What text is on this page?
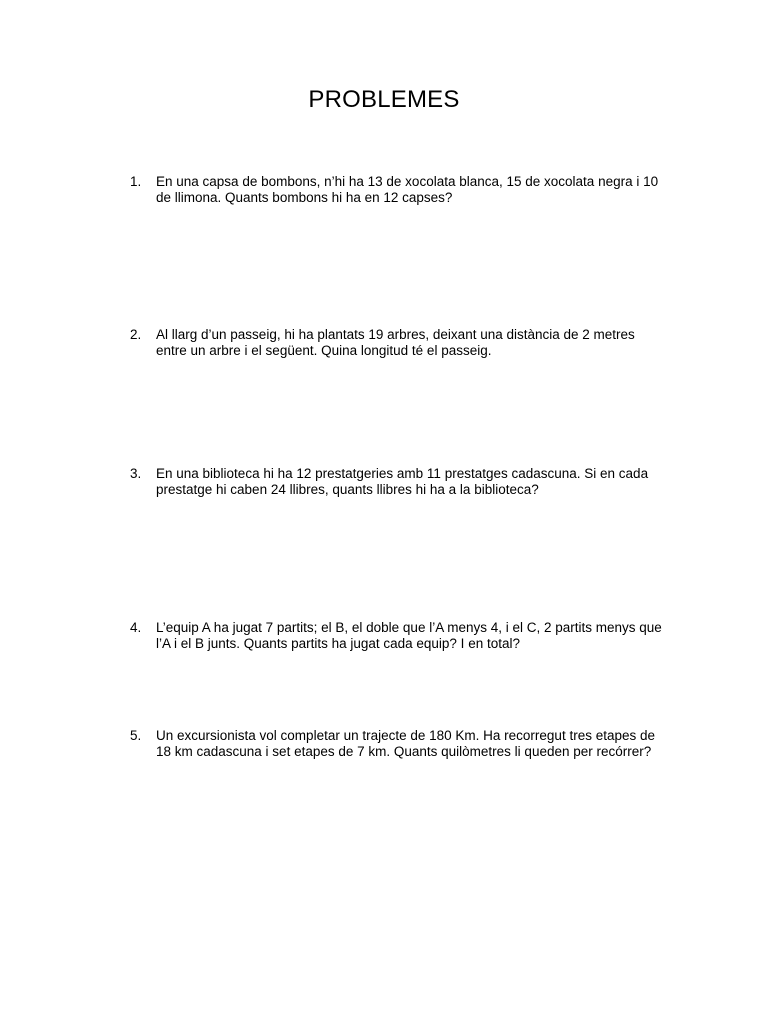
PROBLEMES
1.	En una capsa de bombons, n’hi ha 13 de xocolata blanca, 15 de xocolata negra i 10 de llimona. Quants bombons hi ha en 12 capses?
2.	Al llarg d’un passeig, hi ha plantats 19 arbres, deixant una distància de 2 metres entre un arbre i el següent. Quina longitud té el passeig.
3.	En una biblioteca hi ha 12 prestatgeries amb 11 prestatges cadascuna. Si en cada prestatge hi caben 24 llibres, quants llibres hi ha a la biblioteca?
4.	L’equip A ha jugat 7 partits; el B, el doble que l’A menys 4, i el C, 2 partits menys que l’A i el B junts. Quants partits ha jugat cada equip? I en total?
5.	Un excursionista vol completar un trajecte de 180 Km. Ha recorregut tres etapes de 18 km cadascuna i set etapes de 7 km. Quants quilòmetres li queden per recórrer?
